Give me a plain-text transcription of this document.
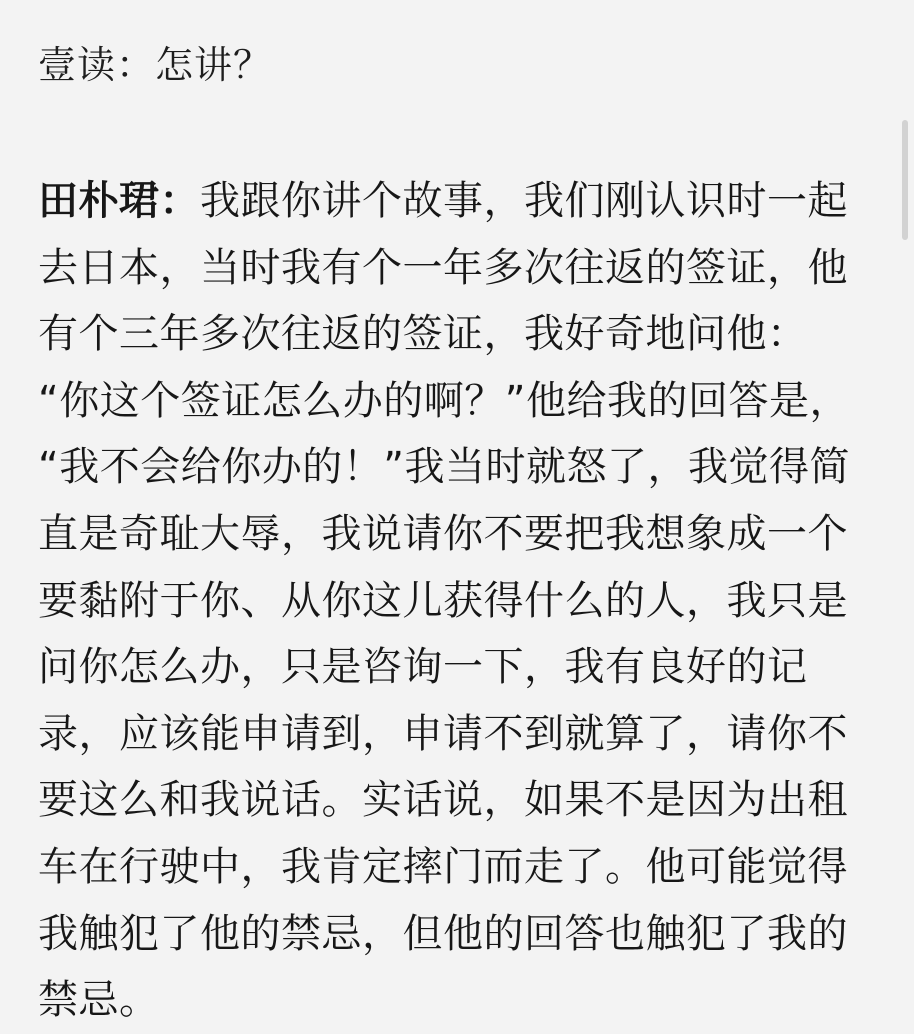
壹读：怎讲？

田朴珺：我跟你讲个故事，我们刚认识时一起

去日本，当时我有个一年多次往返的签证，他

有个三年多次往返的签证，我好奇地问他：

“你这个签证怎么办的啊？”他给我的回答是，

“我不会给你办的！”我当时就怒了，我觉得简

直是奇耻大辱，我说请你不要把我想象成一个

要黏附于你、从你这儿获得什么的人，我只是

问你怎么办，只是咨询一下，我有良好的记

录，应该能申请到，申请不到就算了，请你不

要这么和我说话。实话说，如果不是因为出租

车在行驶中，我肯定摔门而走了。他可能觉得

我触犯了他的禁忌，但他的回答也触犯了我的

禁忌。
